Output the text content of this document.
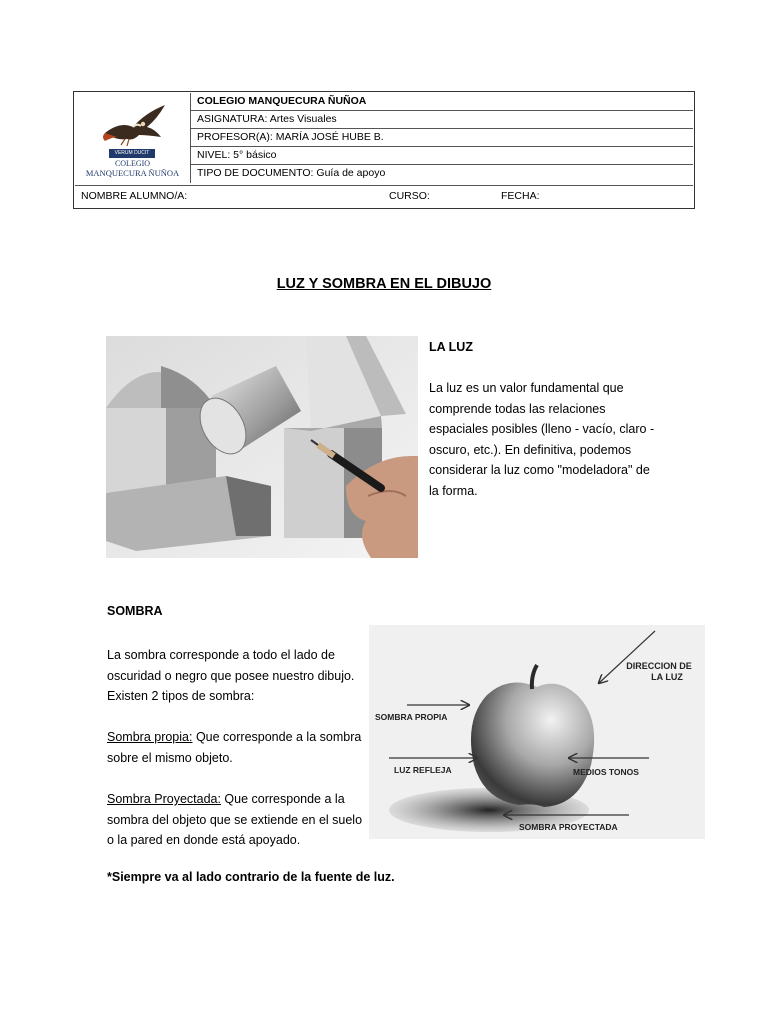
VERUM DUCIT
COLEGIO
MANQUECURA ÑUÑOA
COLEGIO MANQUECURA ÑUÑOA
ASIGNATURA: Artes Visuales
PROFESOR(A): MARÍA JOSÉ HUBE B.
NIVEL: 5° básico
TIPO DE DOCUMENTO: Guía de apoyo
NOMBRE ALUMNO/A:	CURSO:	FECHA:
LUZ Y SOMBRA EN EL DIBUJO
LA LUZ
La luz es un valor fundamental que comprende todas las relaciones espaciales posibles (lleno - vacío, claro - oscuro, etc.). En definitiva, podemos considerar la luz como "modeladora" de la forma.
SOMBRA
La sombra corresponde a todo el lado de oscuridad o negro que posee nuestro dibujo. Existen 2 tipos de sombra:
Sombra propia: Que corresponde a la sombra sobre el mismo objeto.
Sombra Proyectada: Que corresponde a la sombra del objeto que se extiende en el suelo o la pared en donde está apoyado.
*Siempre va al lado contrario de la fuente de luz.
DIRECCION DE
LA LUZ
SOMBRA PROPIA
LUZ REFLEJA	MEDIOS TONOS
SOMBRA PROYECTADA
